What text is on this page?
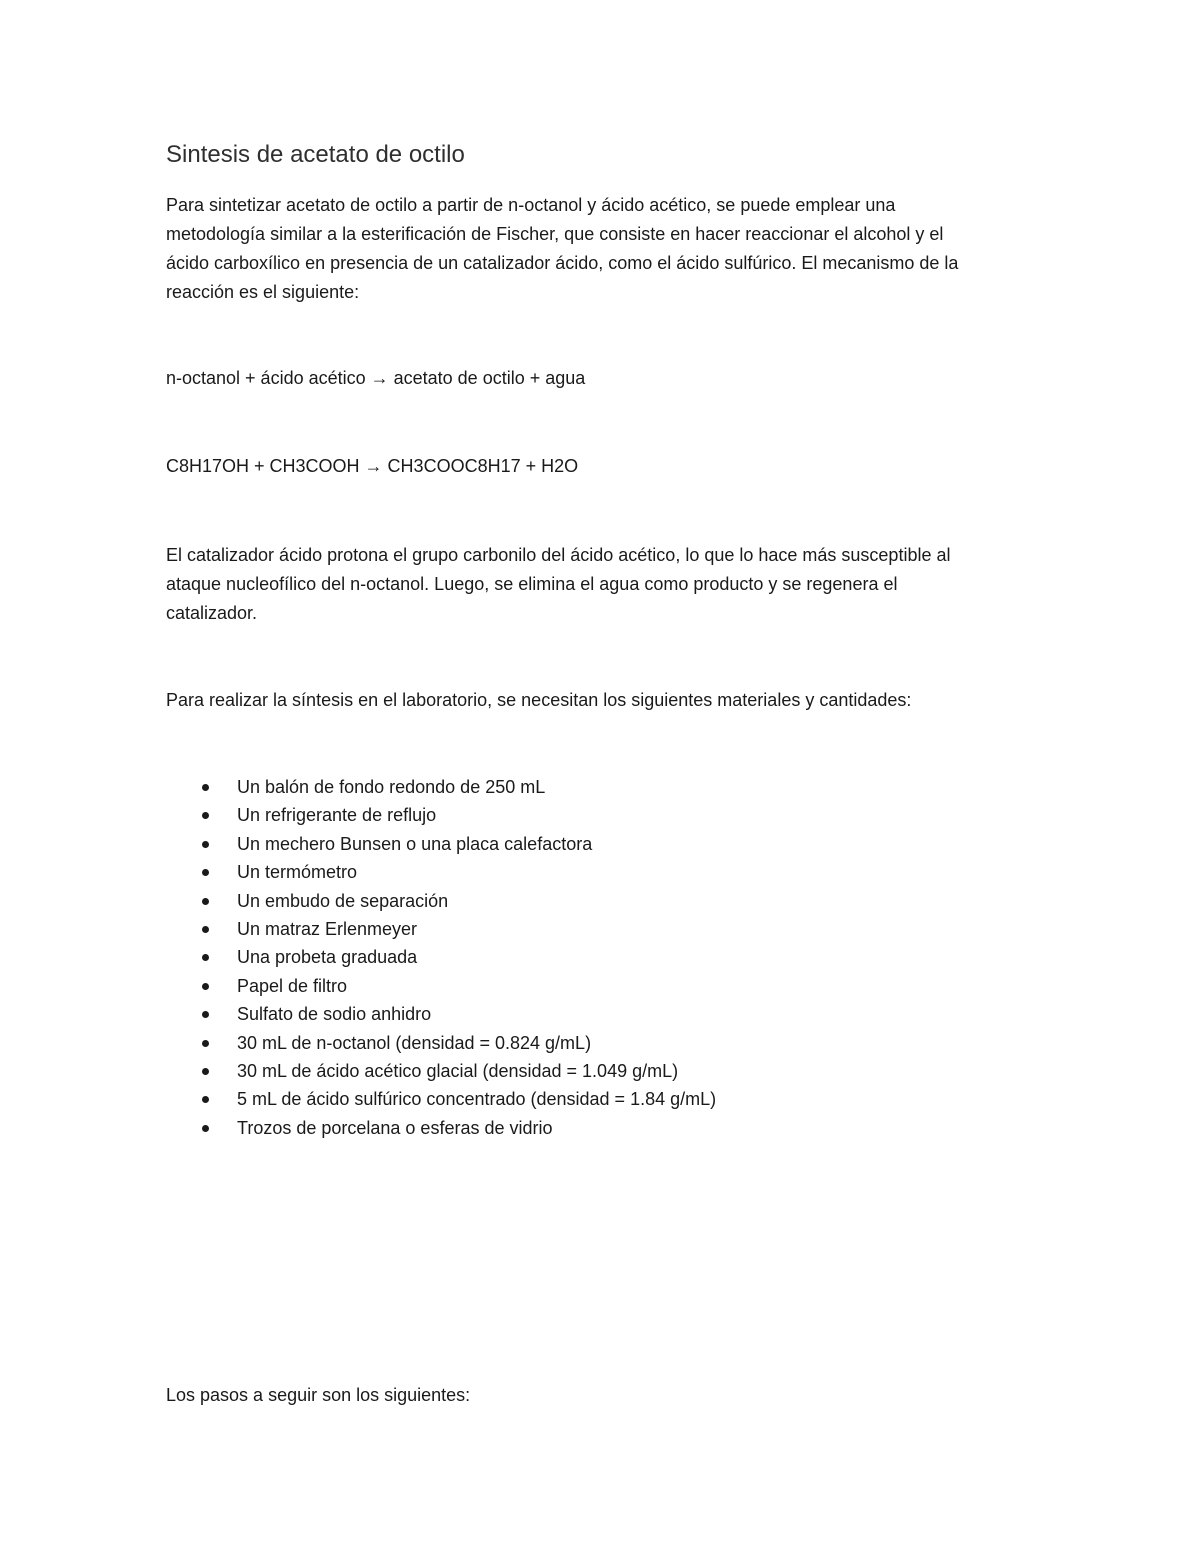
Sintesis de acetato de octilo

Para sintetizar acetato de octilo a partir de n-octanol y ácido acético, se puede emplear una
metodología similar a la esterificación de Fischer, que consiste en hacer reaccionar el alcohol y el
ácido carboxílico en presencia de un catalizador ácido, como el ácido sulfúrico. El mecanismo de la
reacción es el siguiente:

n-octanol + ácido acético → acetato de octilo + agua

C8H17OH + CH3COOH → CH3COOC8H17 + H2O

El catalizador ácido protona el grupo carbonilo del ácido acético, lo que lo hace más susceptible al
ataque nucleofílico del n-octanol. Luego, se elimina el agua como producto y se regenera el
catalizador.

Para realizar la síntesis en el laboratorio, se necesitan los siguientes materiales y cantidades:

Un balón de fondo redondo de 250 mL
Un refrigerante de reflujo
Un mechero Bunsen o una placa calefactora
Un termómetro
Un embudo de separación
Un matraz Erlenmeyer
Una probeta graduada
Papel de filtro
Sulfato de sodio anhidro
30 mL de n-octanol (densidad = 0.824 g/mL)
30 mL de ácido acético glacial (densidad = 1.049 g/mL)
5 mL de ácido sulfúrico concentrado (densidad = 1.84 g/mL)
Trozos de porcelana o esferas de vidrio

Los pasos a seguir son los siguientes:
